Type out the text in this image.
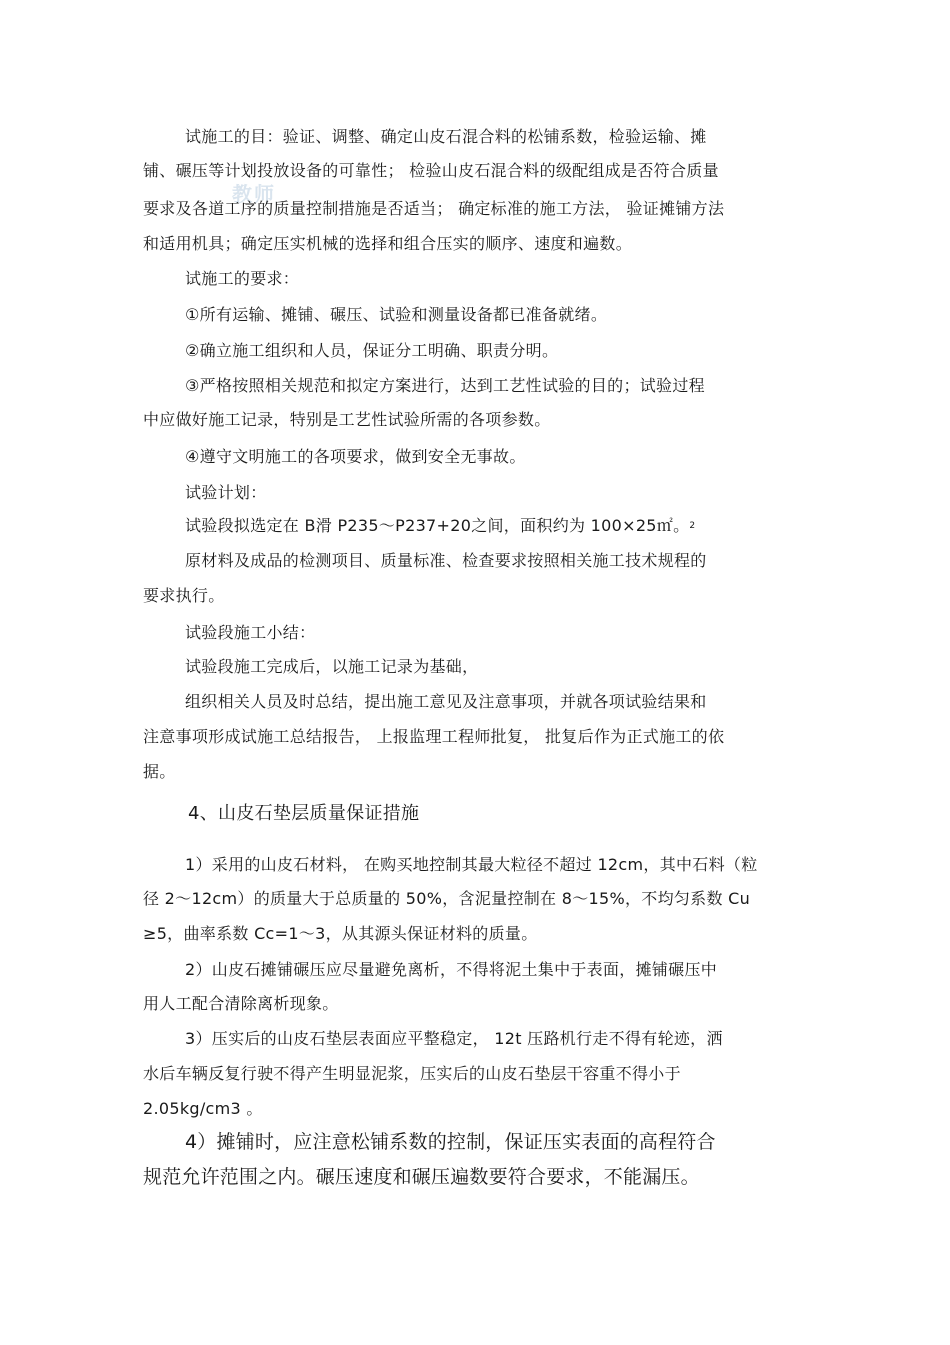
教师
试施工的目：验证、调整、确定山皮石混合料的松铺系数，检验运输、摊
铺、碾压等计划投放设备的可靠性； 检验山皮石混合料的级配组成是否符合质量
要求及各道工序的质量控制措施是否适当； 确定标准的施工方法， 验证摊铺方法
和适用机具；确定压实机械的选择和组合压实的顺序、速度和遍数。
试施工的要求：
①所有运输、摊铺、碾压、试验和测量设备都已准备就绪。
②确立施工组织和人员，保证分工明确、职责分明。
③严格按照相关规范和拟定方案进行，达到工艺性试验的目的；试验过程
中应做好施工记录，特别是工艺性试验所需的各项参数。
④遵守文明施工的各项要求，做到安全无事故。
试验计划：
试验段拟选定在 B滑 P235～P237+20之间，面积约为 100×25㎡。$^2$
原材料及成品的检测项目、质量标准、检查要求按照相关施工技术规程的
要求执行。
试验段施工小结：
试验段施工完成后，以施工记录为基础，
组织相关人员及时总结，提出施工意见及注意事项，并就各项试验结果和
注意事项形成试施工总结报告， 上报监理工程师批复， 批复后作为正式施工的依
据。
4、山皮石垫层质量保证措施
1）采用的山皮石材料， 在购买地控制其最大粒径不超过 12cm，其中石料（粒
径 2～12cm）的质量大于总质量的 50%，含泥量控制在 8～15%，不均匀系数 Cu
≥5，曲率系数 Cc=1～3，从其源头保证材料的质量。
2）山皮石摊铺碾压应尽量避免离析，不得将泥土集中于表面，摊铺碾压中
用人工配合清除离析现象。
3）压实后的山皮石垫层表面应平整稳定， 12t 压路机行走不得有轮迹，洒
水后车辆反复行驶不得产生明显泥浆，压实后的山皮石垫层干容重不得小于
2.05kg/cm3 。
4）摊铺时，应注意松铺系数的控制，保证压实表面的高程符合
规范允许范围之内。碾压速度和碾压遍数要符合要求，不能漏压。
